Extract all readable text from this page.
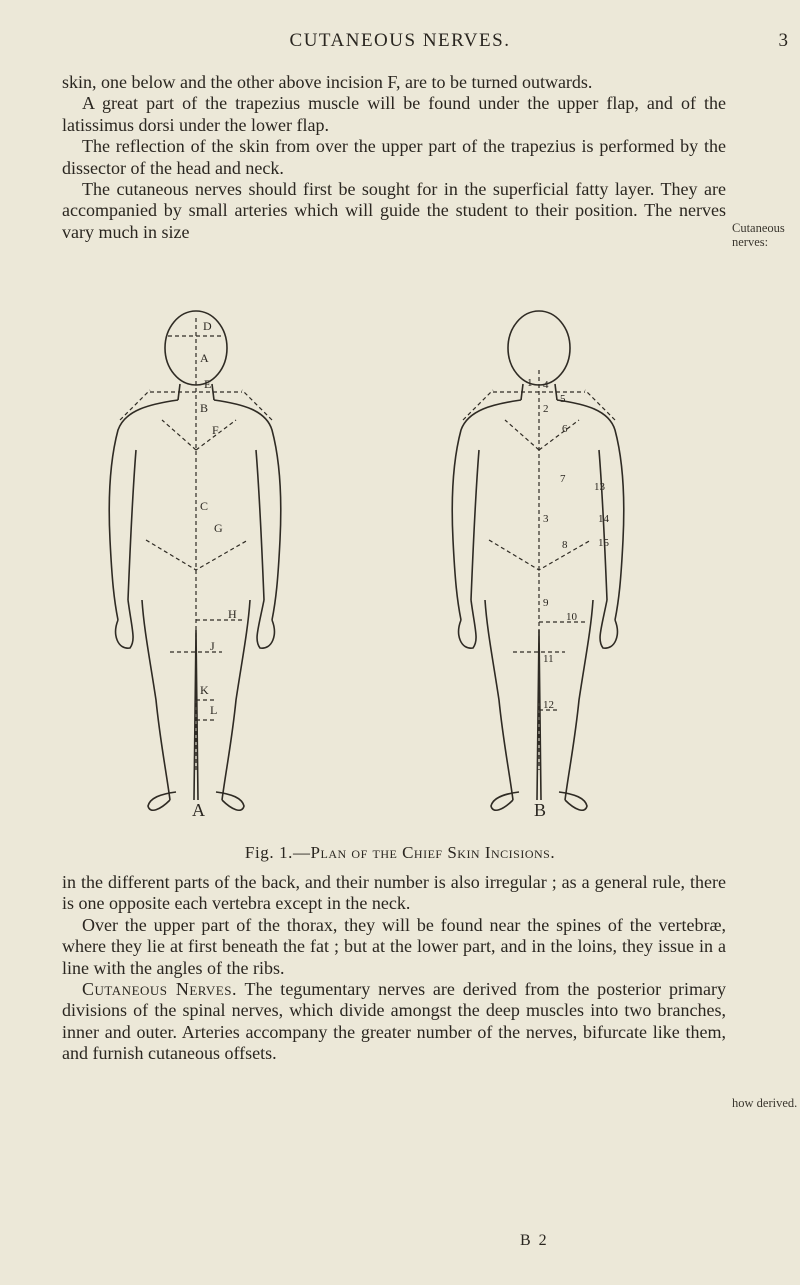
CUTANEOUS NERVES.	3

skin, one below and the other above incision F, are to be turned outwards.

A great part of the trapezius muscle will be found under the upper flap, and of the latissimus dorsi under the lower flap.

The reflection of the skin from over the upper part of the trapezius is performed by the dissector of the head and neck.

The cutaneous nerves should first be sought for in the superficial fatty layer. They are accompanied by small arteries which will guide the student to their position. The nerves vary much in size	Cutaneous nerves:
D
A
E
B
F
C
G
H
J
K
L
1 4
5
2
6
7
13
3
8
14
15
9
10
11
12
A	B
Fig. 1.—Plan of the Chief Skin Incisions.

in the different parts of the back, and their number is also irregular ; as a general rule, there is one opposite each vertebra except in the neck.

Over the upper part of the thorax, they will be found near the spines of the vertebræ, where they lie at first beneath the fat ; but at the lower part, and in the loins, they issue in a line with the angles of the ribs.

Cutaneous Nerves. The tegumentary nerves are derived from the posterior primary divisions of the spinal nerves, which divide amongst the deep muscles into two branches, inner and outer. Arteries accompany the greater number of the nerves, bifurcate like them, and furnish cutaneous offsets.

how derived.
B 2
